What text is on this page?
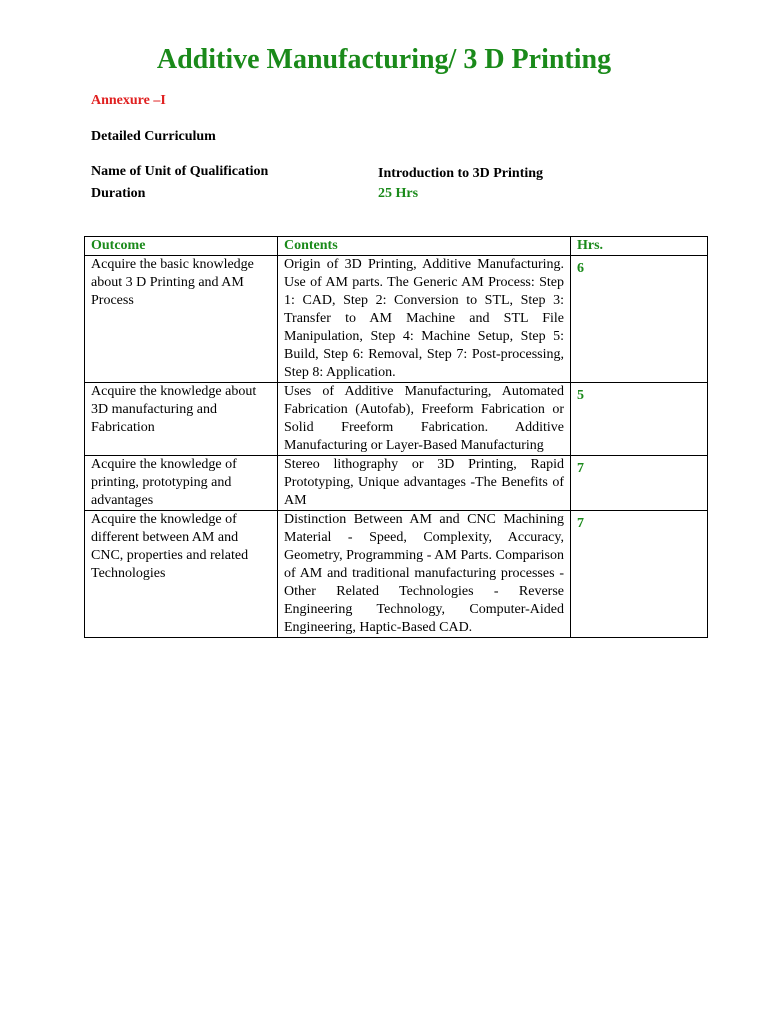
Additive Manufacturing/ 3 D Printing
Annexure –I
Detailed Curriculum
Name of Unit of Qualification	Introduction to 3D Printing
Duration	25 Hrs
Outcome	Contents	Hrs.
Acquire the basic knowledge about 3 D Printing and AM Process	Origin of 3D Printing, Additive Manufacturing. Use of AM parts. The Generic AM Process: Step 1: CAD, Step 2: Conversion to STL, Step 3: Transfer to AM Machine and STL File Manipulation, Step 4: Machine Setup, Step 5: Build, Step 6: Removal, Step 7: Post-processing, Step 8: Application.	6
Acquire the knowledge about 3D manufacturing and Fabrication	Uses of Additive Manufacturing, Automated Fabrication (Autofab), Freeform Fabrication or Solid Freeform Fabrication. Additive Manufacturing or Layer-Based Manufacturing	5
Acquire the knowledge of printing, prototyping and advantages	Stereo lithography or 3D Printing, Rapid Prototyping, Unique advantages -The Benefits of AM	7
Acquire the knowledge of different between AM and CNC, properties and related Technologies	Distinction Between AM and CNC Machining Material - Speed, Complexity, Accuracy, Geometry, Programming - AM Parts. Comparison of AM and traditional manufacturing processes - Other Related Technologies - Reverse Engineering Technology, Computer-Aided Engineering, Haptic-Based CAD.	7
